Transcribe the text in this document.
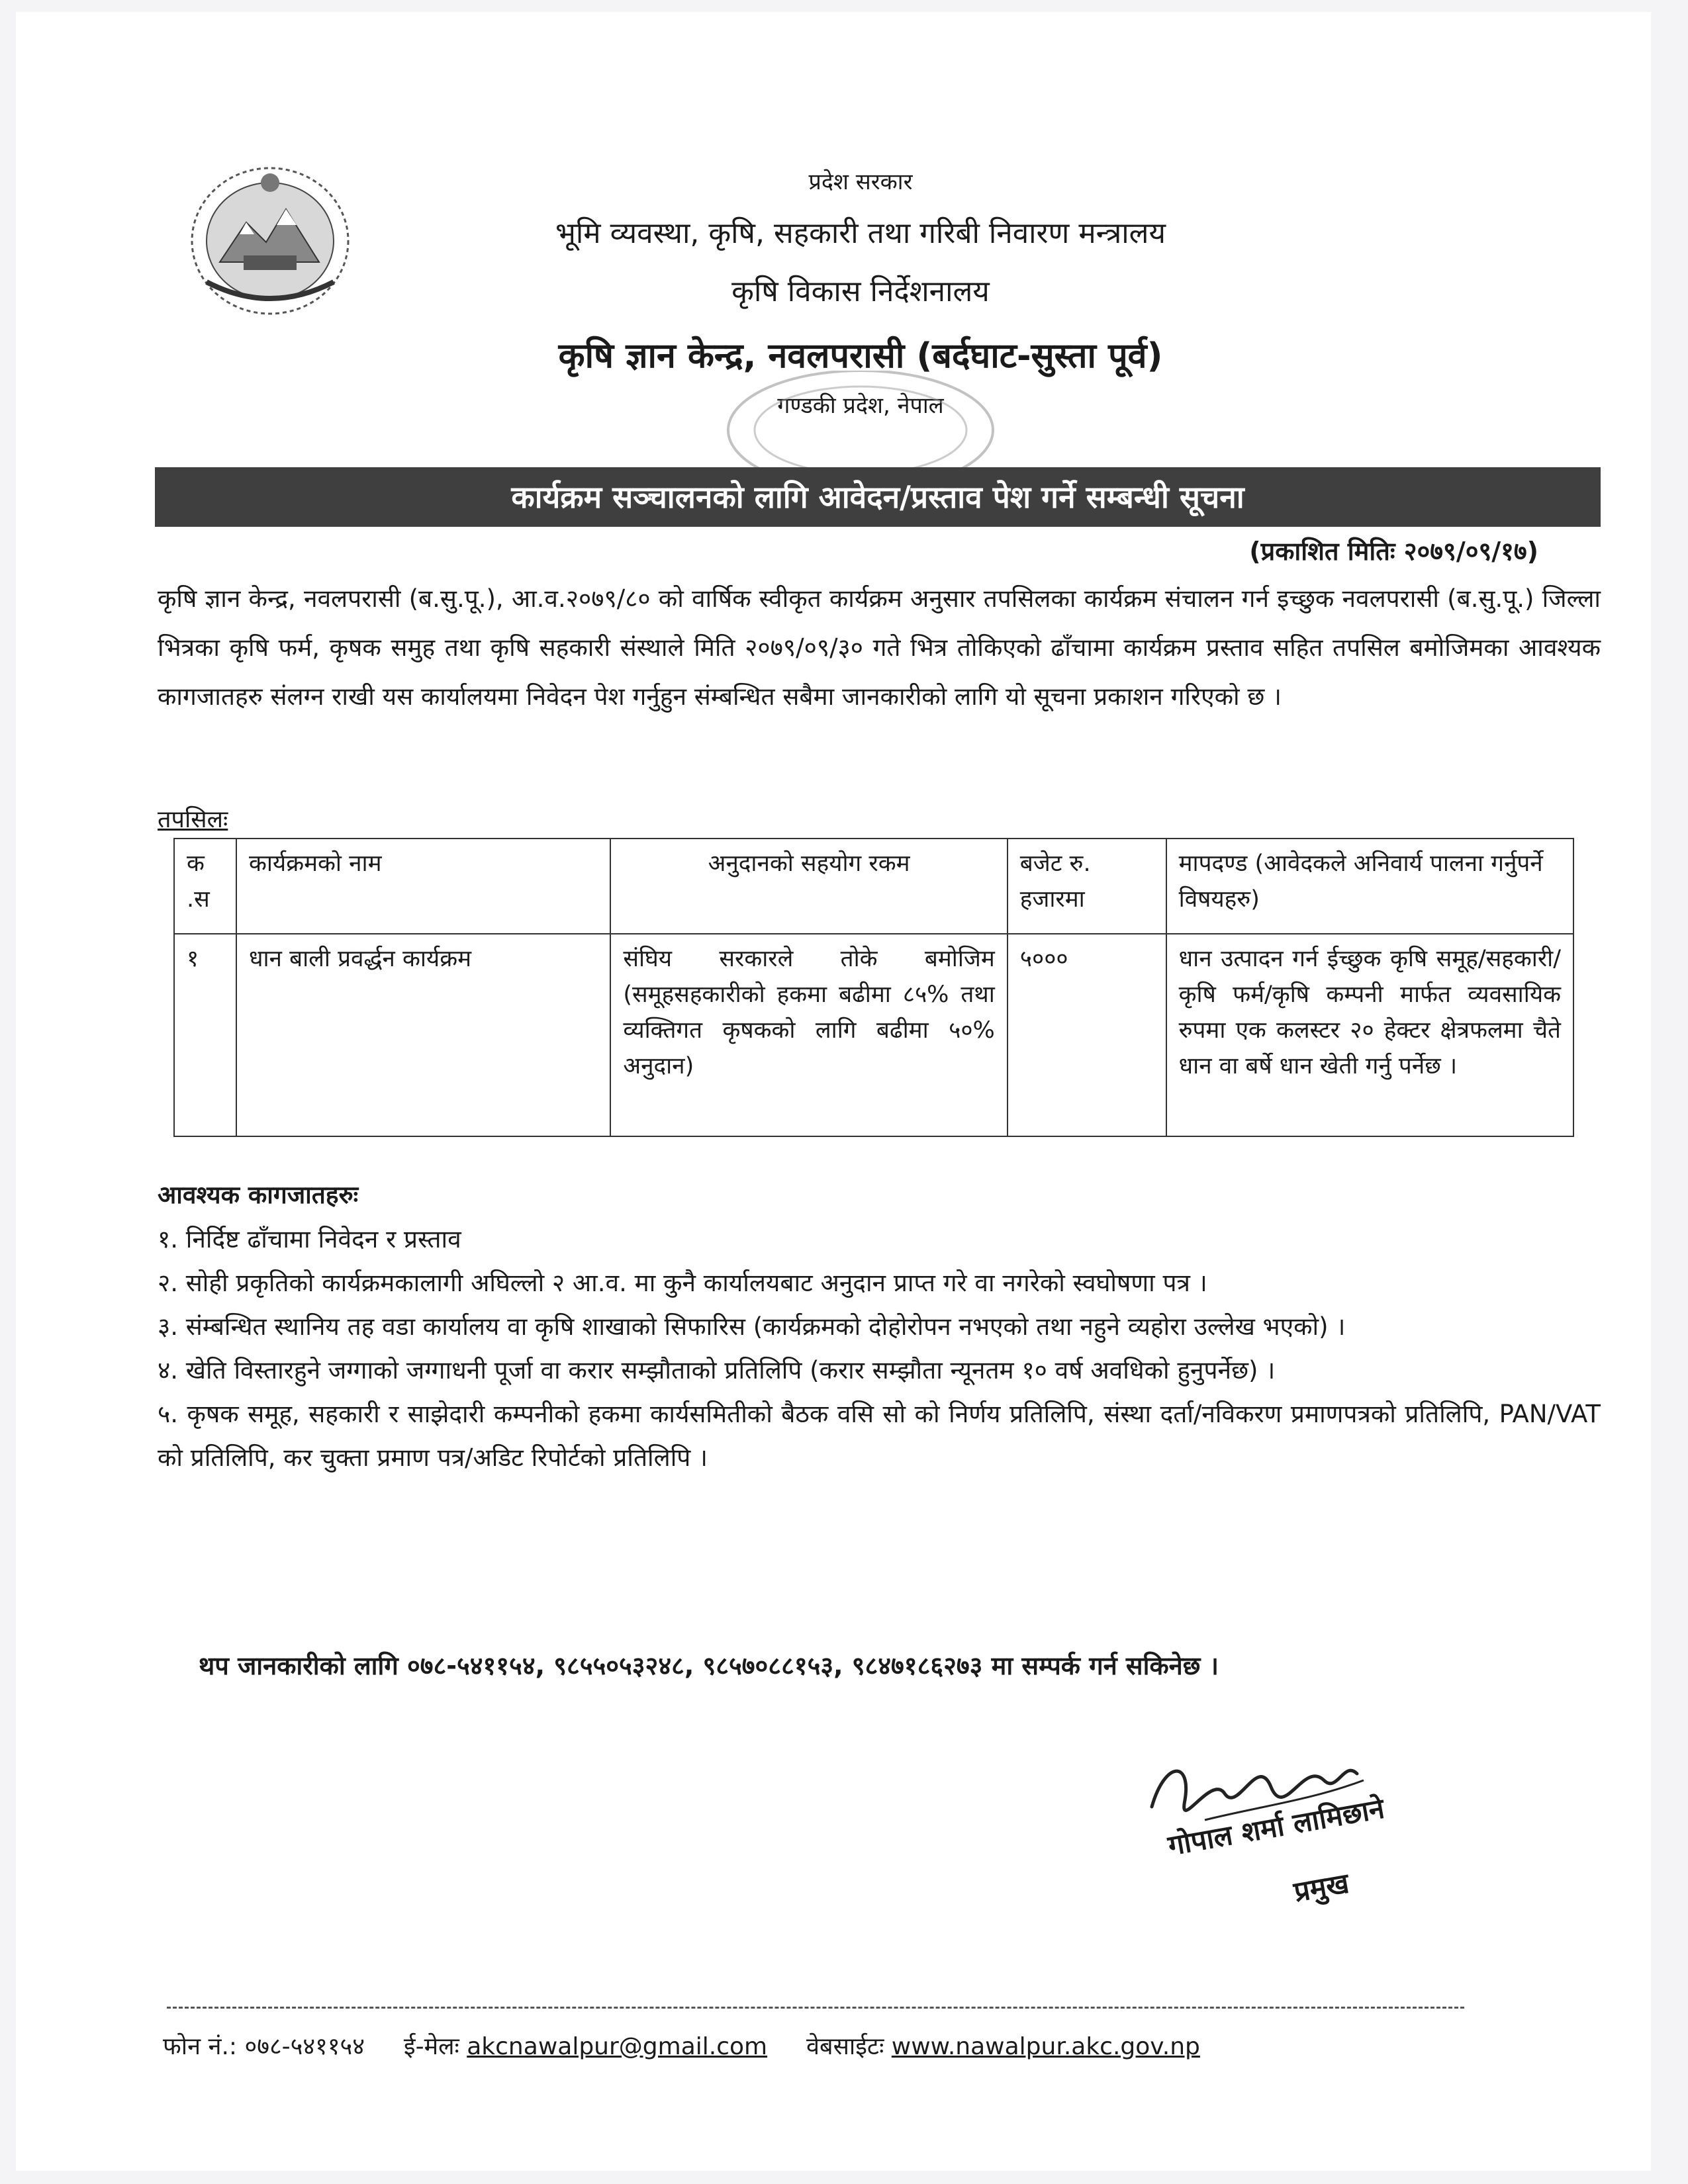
प्रदेश सरकार
भूमि व्यवस्था, कृषि, सहकारी तथा गरिबी निवारण मन्त्रालय
कृषि विकास निर्देशनालय
कृषि ज्ञान केन्द्र, नवलपरासी (बर्दघाट-सुस्ता पूर्व)
गण्डकी प्रदेश, नेपाल
कार्यक्रम सञ्चालनको लागि आवेदन/प्रस्ताव पेश गर्ने सम्बन्धी सूचना
(प्रकाशित मितिः २०७९/०९/१७)
कृषि ज्ञान केन्द्र, नवलपरासी (ब.सु.पू.), आ.व.२०७९/८० को वार्षिक स्वीकृत कार्यक्रम अनुसार तपसिलका कार्यक्रम संचालन गर्न इच्छुक नवलपरासी (ब.सु.पू.) जिल्ला भित्रका कृषि फर्म, कृषक समुह तथा कृषि सहकारी संस्थाले मिति २०७९/०९/३० गते भित्र तोकिएको ढाँचामा कार्यक्रम प्रस्ताव सहित तपसिल बमोजिमका आवश्यक कागजातहरु संलग्न राखी यस कार्यालयमा निवेदन पेश गर्नुहुन संम्बन्धित सबैमा जानकारीको लागि यो सूचना प्रकाशन गरिएको छ ।
तपसिलः
क .स	कार्यक्रमको नाम	अनुदानको सहयोग रकम	बजेट रु. हजारमा	मापदण्ड (आवेदकले अनिवार्य पालना गर्नुपर्ने विषयहरु)
१	धान बाली प्रवर्द्धन कार्यक्रम	संघिय सरकारले तोके बमोजिम (समूहसहकारीको हकमा बढीमा ८५% तथा व्यक्तिगत कृषकको लागि बढीमा ५०% अनुदान)	५०००	धान उत्पादन गर्न ईच्छुक कृषि समूह/सहकारी/कृषि फर्म/कृषि कम्पनी मार्फत व्यवसायिक रुपमा एक कलस्टर २० हेक्टर क्षेत्रफलमा चैते धान वा बर्षे धान खेती गर्नु पर्नेछ ।
आवश्यक कागजातहरुः
१. निर्दिष्ट ढाँचामा निवेदन र प्रस्ताव
२. सोही प्रकृतिको कार्यक्रमकालागी अघिल्लो २ आ.व. मा कुनै कार्यालयबाट अनुदान प्राप्त गरे वा नगरेको स्वघोषणा पत्र ।
३. संम्बन्धित स्थानिय तह वडा कार्यालय वा कृषि शाखाको सिफारिस (कार्यक्रमको दोहोरोपन नभएको तथा नहुने व्यहोरा उल्लेख भएको) ।
४. खेति विस्तारहुने जग्गाको जग्गाधनी पूर्जा वा करार सम्झौताको प्रतिलिपि (करार सम्झौता न्यूनतम १० वर्ष अवधिको हुनुपर्नेछ) ।
५. कृषक समूह, सहकारी र साझेदारी कम्पनीको हकमा कार्यसमितीको बैठक वसि सो को निर्णय प्रतिलिपि, संस्था दर्ता/नविकरण प्रमाणपत्रको प्रतिलिपि, PAN/VAT को प्रतिलिपि, कर चुक्ता प्रमाण पत्र/अडिट रिपोर्टको प्रतिलिपि ।
थप जानकारीको लागि ०७८-५४११५४, ९८५५०५३२४८, ९८५७०८८१५३, ९८४७१८६२७३ मा सम्पर्क गर्न सकिनेछ ।
गोपाल शर्मा लामिछाने
प्रमुख
फोन नं.: ०७८-५४११५४ ई-मेलः akcnawalpur@gmail.com वेबसाईटः www.nawalpur.akc.gov.np
